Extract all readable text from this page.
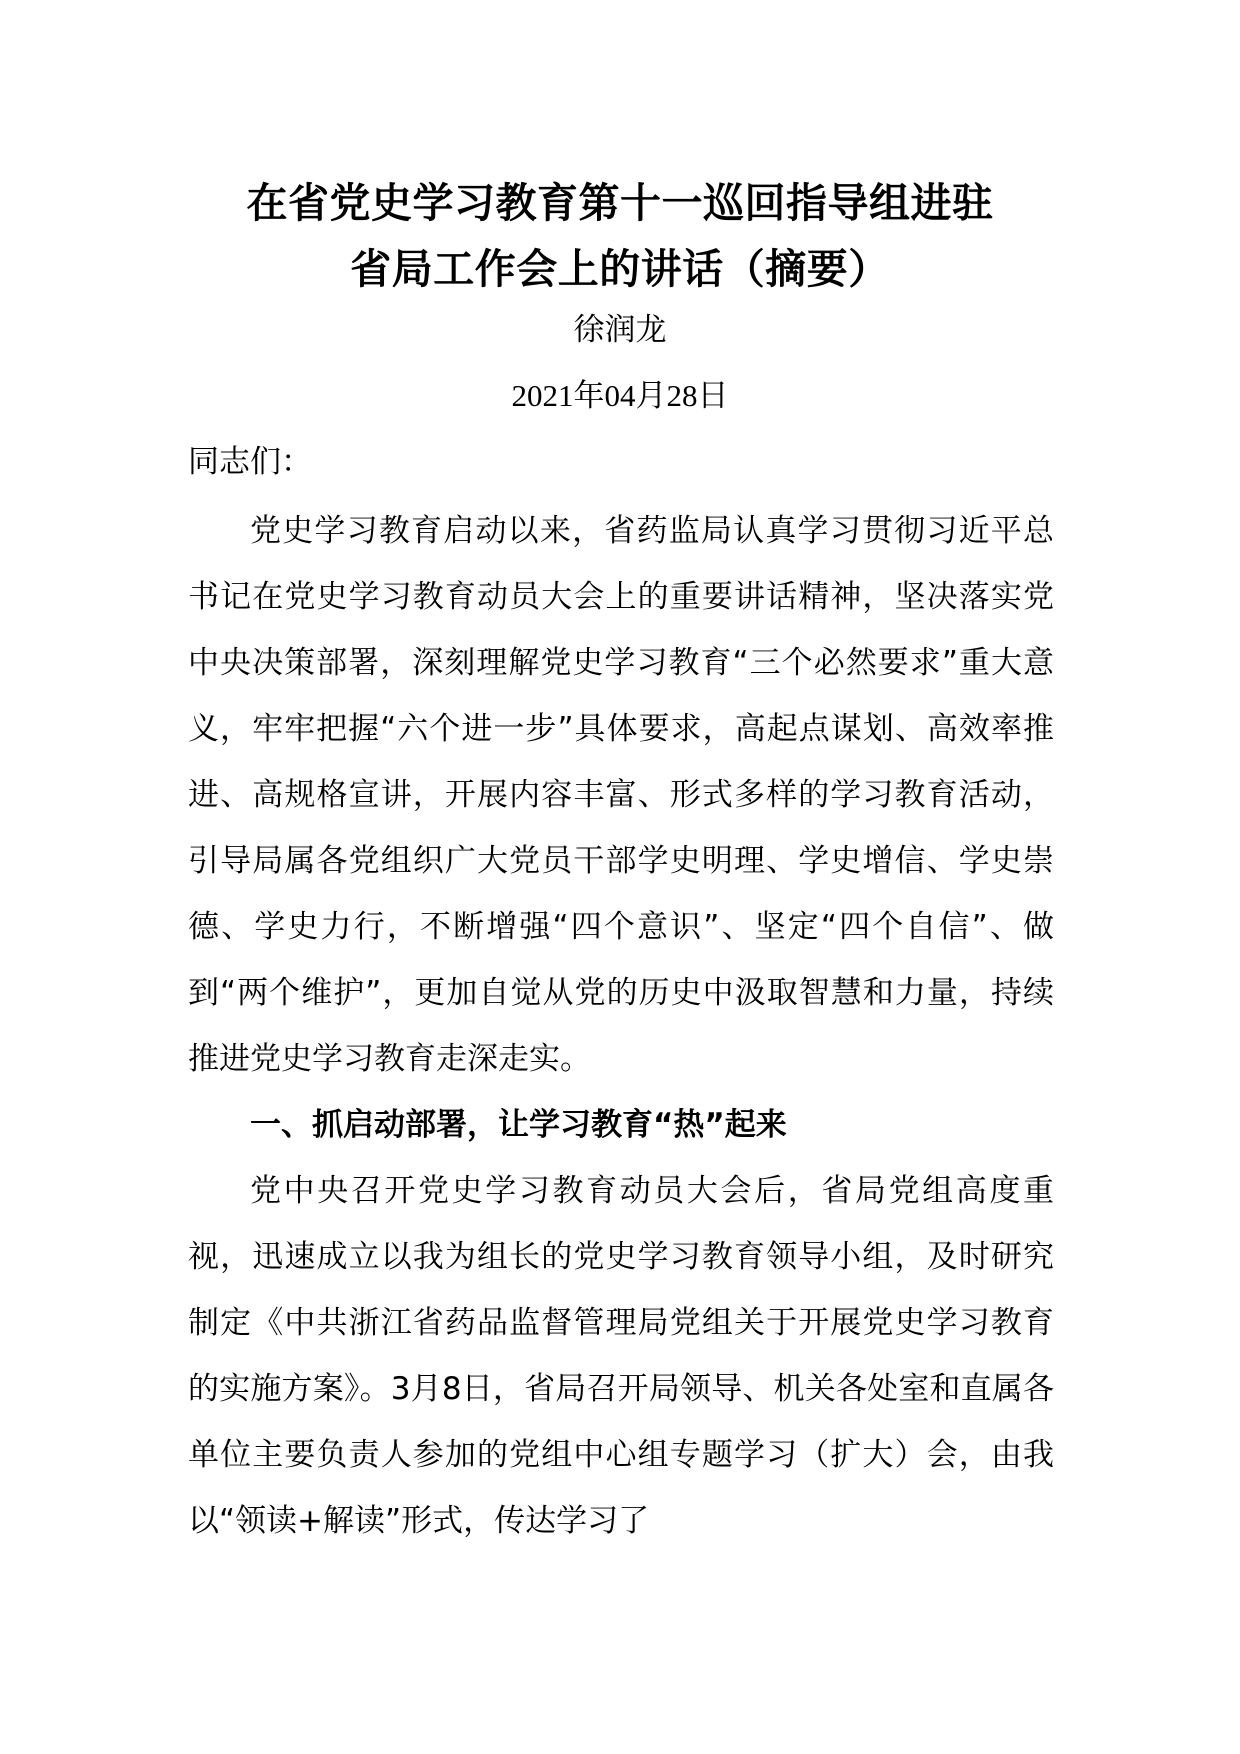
在省党史学习教育第十一巡回指导组进驻
省局工作会上的讲话（摘要）
徐润龙
2021年04月28日
同志们：

党史学习教育启动以来，省药监局认真学习贯彻习近平总书记在党史学习教育动员大会上的重要讲话精神，坚决落实党中央决策部署，深刻理解党史学习教育“三个必然要求”重大意义，牢牢把握“六个进一步”具体要求，高起点谋划、高效率推进、高规格宣讲，开展内容丰富、形式多样的学习教育活动，引导局属各党组织广大党员干部学史明理、学史增信、学史崇德、学史力行，不断增强“四个意识”、坚定“四个自信”、做到“两个维护”，更加自觉从党的历史中汲取智慧和力量，持续推进党史学习教育走深走实。

一、抓启动部署，让学习教育“热”起来

党中央召开党史学习教育动员大会后，省局党组高度重视，迅速成立以我为组长的党史学习教育领导小组，及时研究制定《中共浙江省药品监督管理局党组关于开展党史学习教育的实施方案》。3月8日，省局召开局领导、机关各处室和直属各单位主要负责人参加的党组中心组专题学习（扩大）会，由我以“领读+解读”形式，传达学习了
